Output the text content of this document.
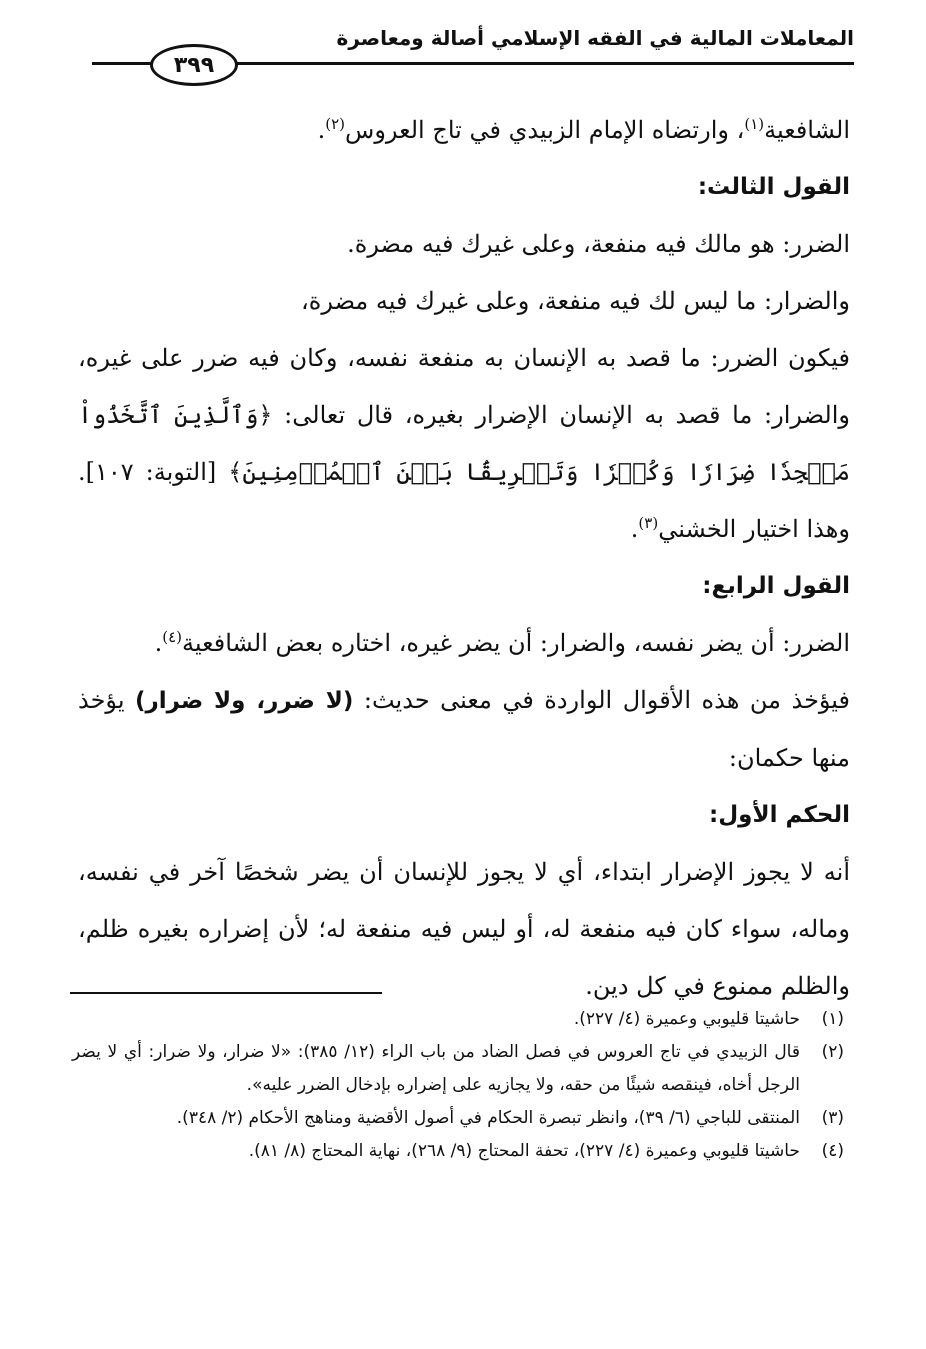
المعاملات المالية في الفقه الإسلامي أصالة ومعاصرة
٣٩٩

الشافعية$^{(١)}$، وارتضاه الإمام الزبيدي في تاج العروس$^{(٢)}$.

القول الثالث:

الضرر: هو مالك فيه منفعة، وعلى غيرك فيه مضرة.

والضرار: ما ليس لك فيه منفعة، وعلى غيرك فيه مضرة،

فيكون الضرر: ما قصد به الإنسان به منفعة نفسه، وكان فيه ضرر على غيره، والضرار: ما قصد به الإنسان الإضرار بغيره، قال تعالى: ﴿وَٱلَّذِينَ ٱتَّخَذُواْ مَسۡجِدٗا ضِرَارٗا وَكُفۡرٗا وَتَفۡرِيقَۢا بَيۡنَ ٱلۡمُؤۡمِنِينَ﴾ [التوبة: ١٠٧]. وهذا اختيار الخشني$^{(٣)}$.

القول الرابع:

الضرر: أن يضر نفسه، والضرار: أن يضر غيره، اختاره بعض الشافعية$^{(٤)}$.

فيؤخذ من هذه الأقوال الواردة في معنى حديث: (لا ضرر، ولا ضرار) يؤخذ منها حكمان:

الحكم الأول:

أنه لا يجوز الإضرار ابتداء، أي لا يجوز للإنسان أن يضر شخصًا آخر في نفسه، وماله، سواء كان فيه منفعة له، أو ليس فيه منفعة له؛ لأن إضراره بغيره ظلم، والظلم ممنوع في كل دين.

(١)
حاشيتا قليوبي وعميرة (٤/ ٢٢٧).
(٢)
قال الزبيدي في تاج العروس في فصل الضاد من باب الراء (١٢/ ٣٨٥): «لا ضرار، ولا ضرار: أي لا يضر الرجل أخاه، فينقصه شيئًا من حقه، ولا يجازيه على إضراره بإدخال الضرر عليه».
(٣)
المنتقى للباجي (٦/ ٣٩)، وانظر تبصرة الحكام في أصول الأقضية ومناهج الأحكام (٢/ ٣٤٨).
(٤)
حاشيتا قليوبي وعميرة (٤/ ٢٢٧)، تحفة المحتاج (٩/ ٢٦٨)، نهاية المحتاج (٨/ ٨١).
